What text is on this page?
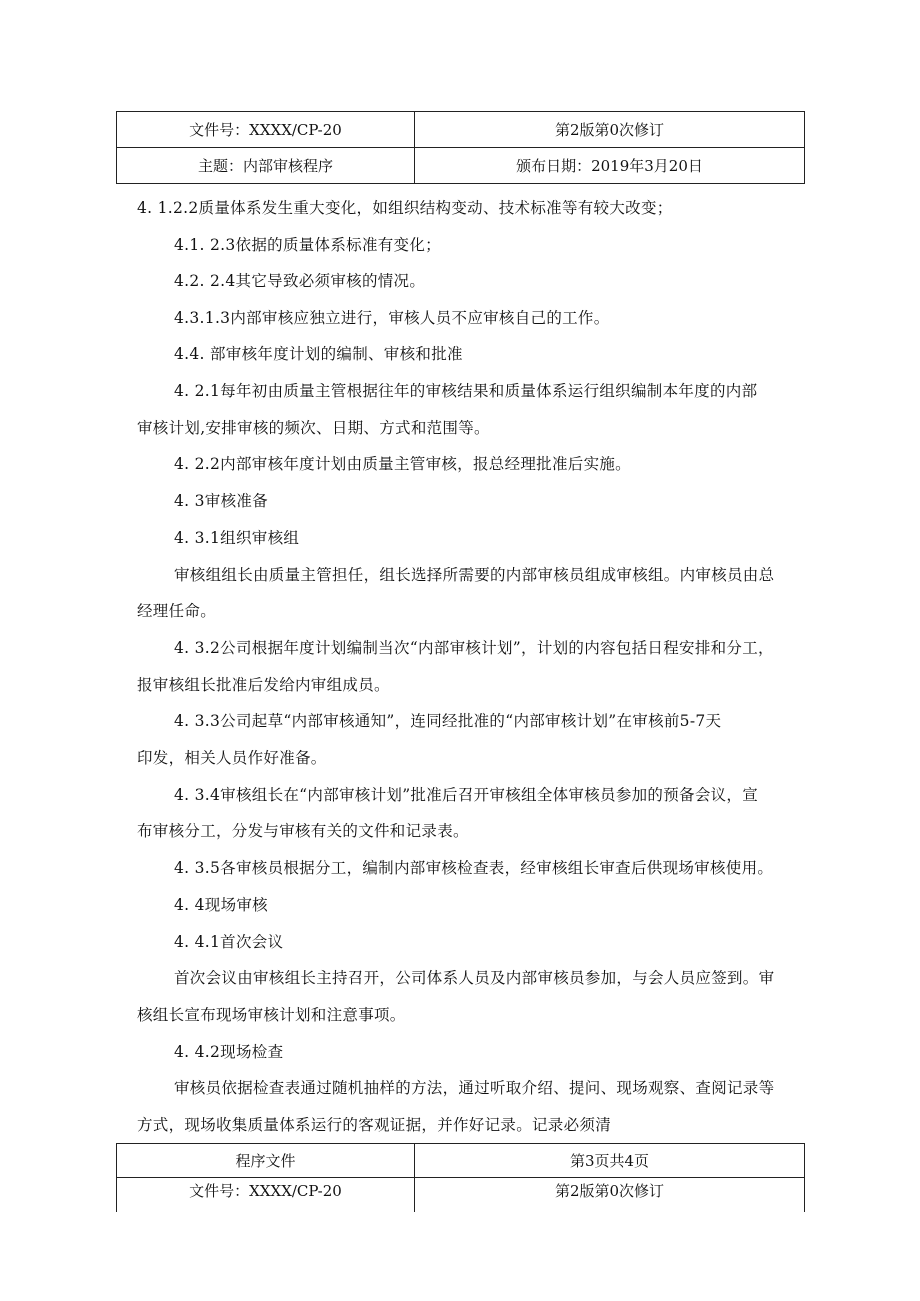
文件号：XXXX/CP-20	第2版第0次修订
主题：内部审核程序	颁布日期：2019年3月20日
4. 1.2.2质量体系发生重大变化，如组织结构变动、技术标准等有较大改变；
4.1. 2.3依据的质量体系标准有变化；
4.2. 2.4其它导致必须审核的情况。
4.3.1.3内部审核应独立进行，审核人员不应审核自己的工作。
4.4. 部审核年度计划的编制、审核和批准
4. 2.1每年初由质量主管根据往年的审核结果和质量体系运行组织编制本年度的内部
审核计划,安排审核的频次、日期、方式和范围等。
4. 2.2内部审核年度计划由质量主管审核，报总经理批准后实施。
4. 3审核准备
4. 3.1组织审核组
审核组组长由质量主管担任，组长选择所需要的内部审核员组成审核组。内审核员由总
经理任命。
4. 3.2公司根据年度计划编制当次“内部审核计划”，计划的内容包括日程安排和分工，
报审核组长批准后发给内审组成员。
4. 3.3公司起草“内部审核通知”，连同经批准的“内部审核计划”在审核前5-7天
印发，相关人员作好准备。
4. 3.4审核组长在“内部审核计划”批准后召开审核组全体审核员参加的预备会议，宣
布审核分工，分发与审核有关的文件和记录表。
4. 3.5各审核员根据分工，编制内部审核检查表，经审核组长审查后供现场审核使用。
4. 4现场审核
4. 4.1首次会议
首次会议由审核组长主持召开，公司体系人员及内部审核员参加，与会人员应签到。审
核组长宣布现场审核计划和注意事项。
4. 4.2现场检查
审核员依据检查表通过随机抽样的方法，通过听取介绍、提问、现场观察、查阅记录等
方式，现场收集质量体系运行的客观证据，并作好记录。记录必须清
程序文件	第3页共4页
文件号：XXXX/CP-20	第2版第0次修订
